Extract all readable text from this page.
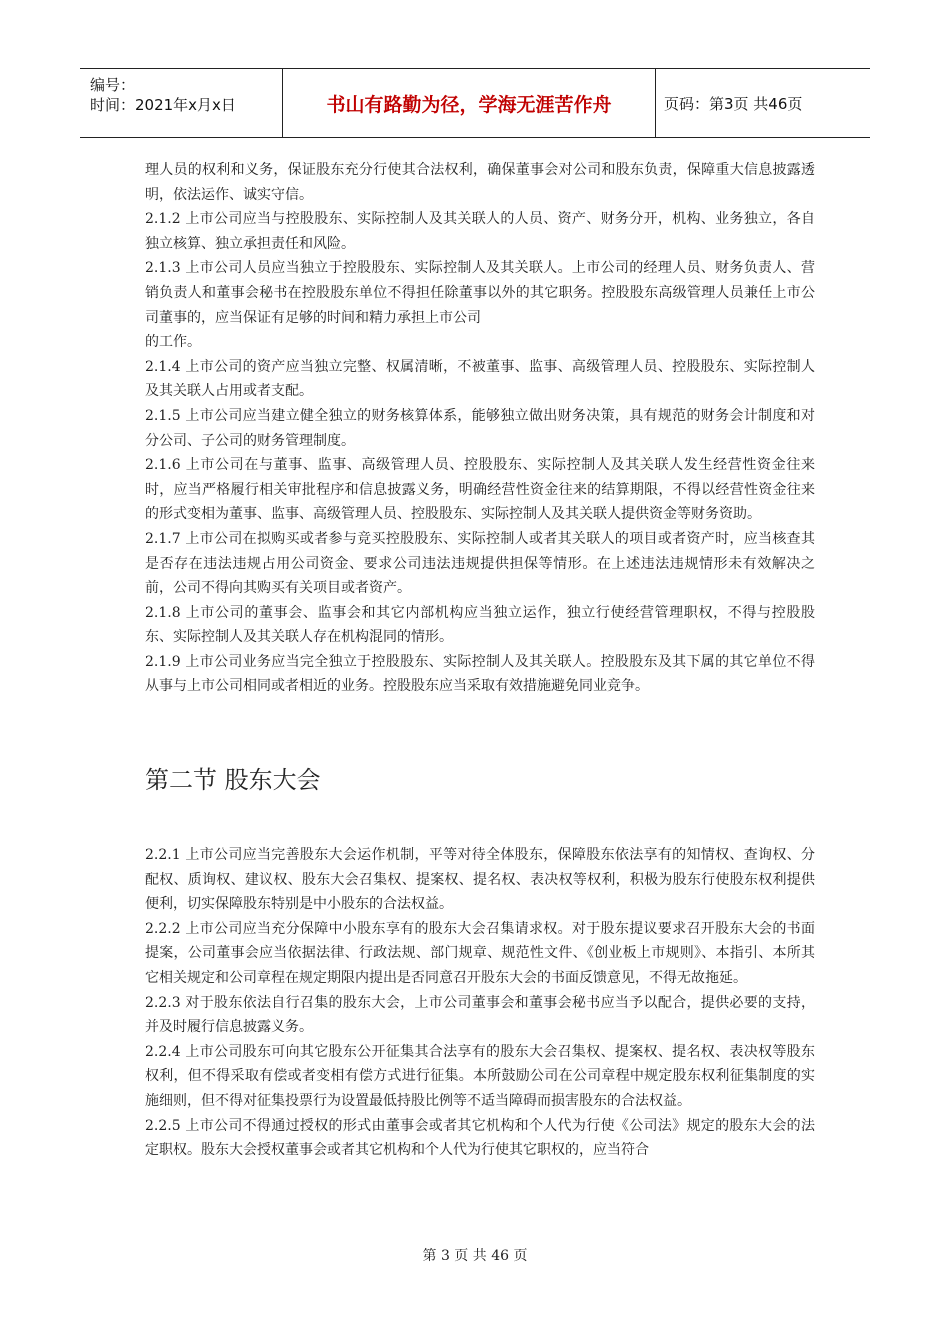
编号：
时间：2021年x月x日	书山有路勤为径，学海无涯苦作舟	页码：第3页 共46页

理人员的权利和义务，保证股东充分行使其合法权利，确保董事会对公司和股东负责，保障重大信息披露透明，依法运作、诚实守信。

2.1.2 上市公司应当与控股股东、实际控制人及其关联人的人员、资产、财务分开，机构、业务独立，各自独立核算、独立承担责任和风险。

2.1.3 上市公司人员应当独立于控股股东、实际控制人及其关联人。上市公司的经理人员、财务负责人、营销负责人和董事会秘书在控股股东单位不得担任除董事以外的其它职务。控股股东高级管理人员兼任上市公司董事的，应当保证有足够的时间和精力承担上市公司

的工作。

2.1.4 上市公司的资产应当独立完整、权属清晰，不被董事、监事、高级管理人员、控股股东、实际控制人及其关联人占用或者支配。

2.1.5 上市公司应当建立健全独立的财务核算体系，能够独立做出财务决策，具有规范的财务会计制度和对分公司、子公司的财务管理制度。

2.1.6 上市公司在与董事、监事、高级管理人员、控股股东、实际控制人及其关联人发生经营性资金往来时，应当严格履行相关审批程序和信息披露义务，明确经营性资金往来的结算期限，不得以经营性资金往来的形式变相为董事、监事、高级管理人员、控股股东、实际控制人及其关联人提供资金等财务资助。

2.1.7 上市公司在拟购买或者参与竞买控股股东、实际控制人或者其关联人的项目或者资产时，应当核查其是否存在违法违规占用公司资金、要求公司违法违规提供担保等情形。在上述违法违规情形未有效解决之前，公司不得向其购买有关项目或者资产。

2.1.8 上市公司的董事会、监事会和其它内部机构应当独立运作，独立行使经营管理职权，不得与控股股东、实际控制人及其关联人存在机构混同的情形。

2.1.9 上市公司业务应当完全独立于控股股东、实际控制人及其关联人。控股股东及其下属的其它单位不得从事与上市公司相同或者相近的业务。控股股东应当采取有效措施避免同业竞争。

第二节 股东大会

2.2.1 上市公司应当完善股东大会运作机制，平等对待全体股东，保障股东依法享有的知情权、查询权、分配权、质询权、建议权、股东大会召集权、提案权、提名权、表决权等权利，积极为股东行使股东权利提供便利，切实保障股东特别是中小股东的合法权益。

2.2.2 上市公司应当充分保障中小股东享有的股东大会召集请求权。对于股东提议要求召开股东大会的书面提案，公司董事会应当依据法律、行政法规、部门规章、规范性文件、《创业板上市规则》、本指引、本所其它相关规定和公司章程在规定期限内提出是否同意召开股东大会的书面反馈意见，不得无故拖延。

2.2.3 对于股东依法自行召集的股东大会，上市公司董事会和董事会秘书应当予以配合，提供必要的支持，并及时履行信息披露义务。

2.2.4 上市公司股东可向其它股东公开征集其合法享有的股东大会召集权、提案权、提名权、表决权等股东权利，但不得采取有偿或者变相有偿方式进行征集。本所鼓励公司在公司章程中规定股东权利征集制度的实施细则，但不得对征集投票行为设置最低持股比例等不适当障碍而损害股东的合法权益。

2.2.5 上市公司不得通过授权的形式由董事会或者其它机构和个人代为行使《公司法》规定的股东大会的法定职权。股东大会授权董事会或者其它机构和个人代为行使其它职权的，应当符合

第 3 页 共 46 页
